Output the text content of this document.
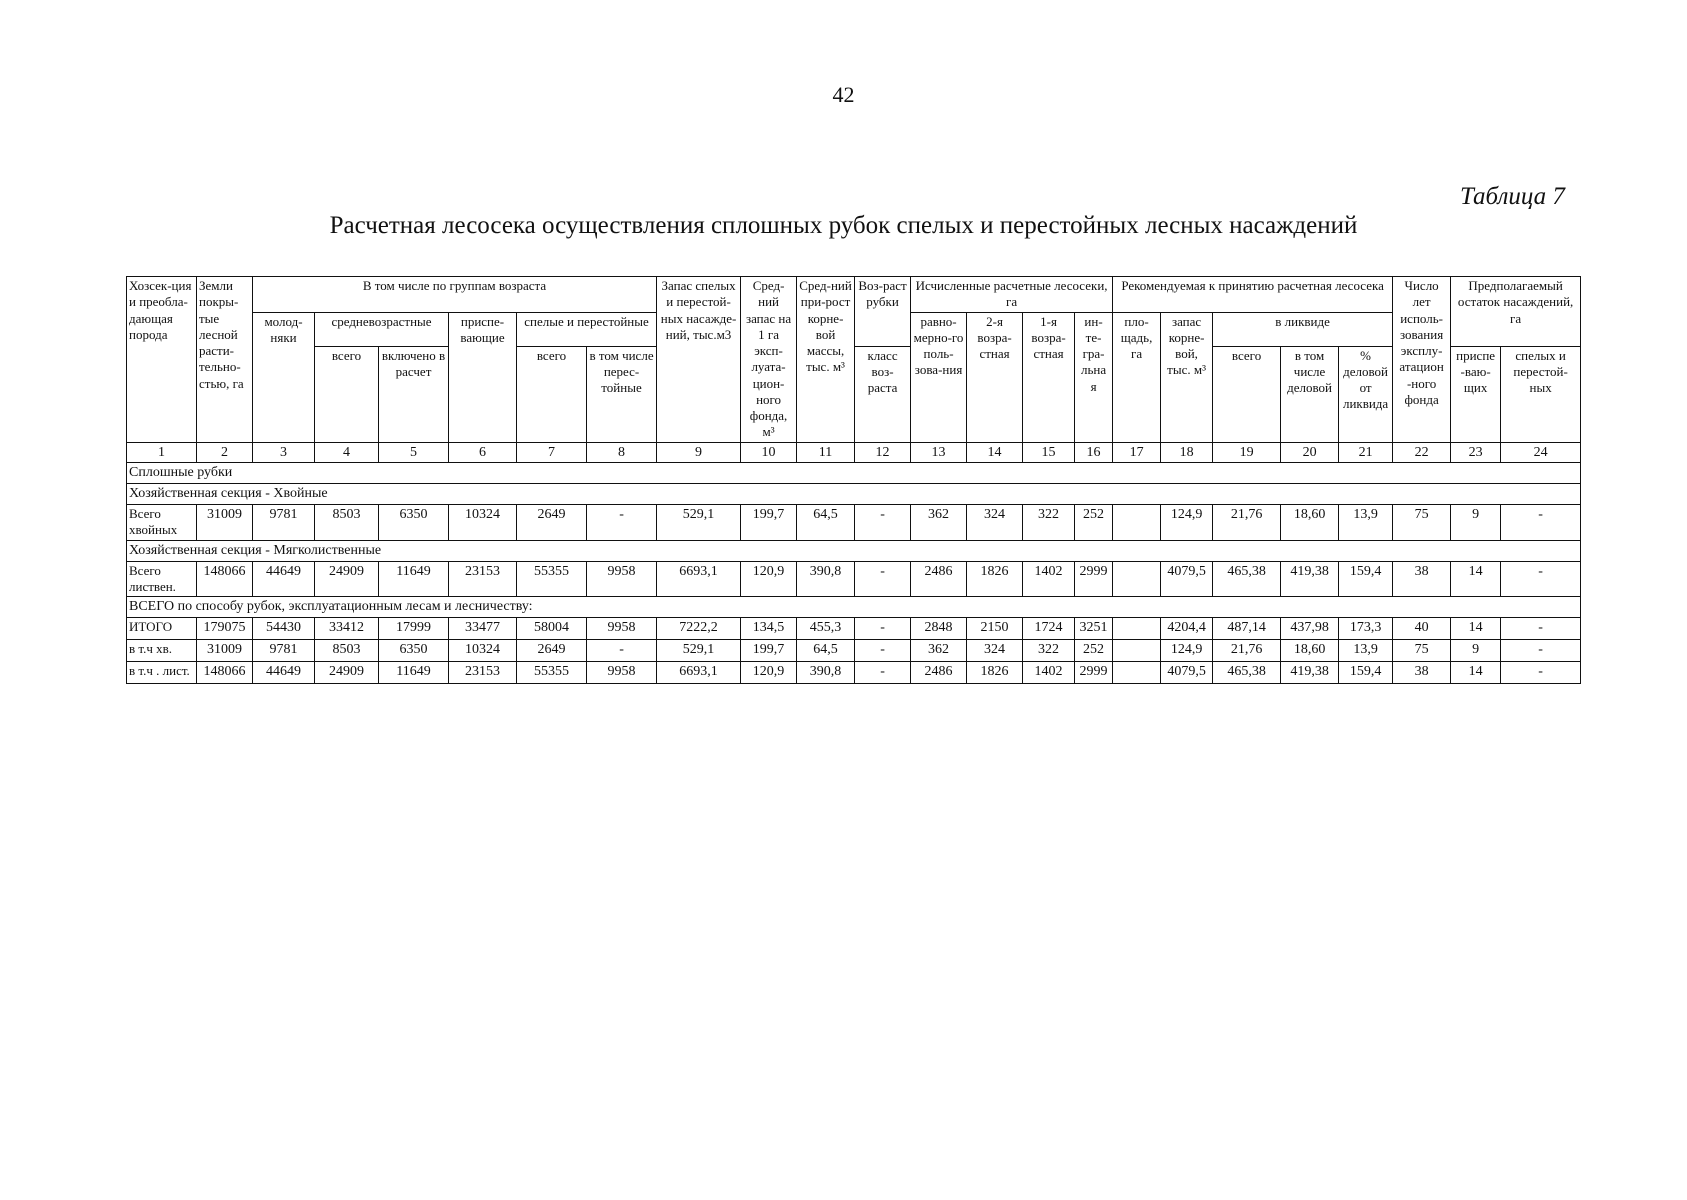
42
Таблица 7
Расчетная лесосека осуществления сплошных рубок спелых и перестойных лесных насаждений
Хозсек-ция и преобла-дающая порода	Земли покры-тые лесной расти-тельно-стью, га	В том числе по группам возраста						Запас спелых и перестой-ных насажде-ний, тыс.м3	Сред-ний запас на 1 га эксп-луата-цион-ного фонда, м³	Сред-ний при-рост корне-вой массы, тыс. м³	Воз-раст рубки	Исчисленные расчетные лесосеки, га				Рекомендуемая к принятию расчетная лесосека					Число лет исполь-зования эксплу-атацион -ного фонда	Предполагаемый остаток насаждений, га	
		молод-няки	средневозрастные		приспе-вающие	спелые и перестойные						равно-мерно-го поль-зова-ния	2-я возра-стная	1-я возра-стная	ин-те-гра-льна я	пло-щадь, га	запас корне-вой, тыс. м³	в ликвиде					
			всего	включено в расчет		всего	в том числе перес-тойные				класс воз-раста							всего	в том числе деловой	% деловой от ликвида		приспе -ваю-щих	спелых и перестой-ных
1	2	3	4	5	6	7	8	9	10	11	12	13	14	15	16	17	18	19	20	21	22	23	24
Сплошные рубки																							
Хозяйственная секция - Хвойные																							
Всего хвойных	31009	9781	8503	6350	10324	2649	-	529,1	199,7	64,5	-	362	324	322	252		124,9	21,76	18,60	13,9	75	9	-
Хозяйственная секция - Мягколиственные																							
Всего листвен.	148066	44649	24909	11649	23153	55355	9958	6693,1	120,9	390,8	-	2486	1826	1402	2999		4079,5	465,38	419,38	159,4	38	14	-
ВСЕГО по способу рубок, эксплуатационным лесам и лесничеству:																							
ИТОГО	179075	54430	33412	17999	33477	58004	9958	7222,2	134,5	455,3	-	2848	2150	1724	3251		4204,4	487,14	437,98	173,3	40	14	-
в т.ч хв.	31009	9781	8503	6350	10324	2649	-	529,1	199,7	64,5	-	362	324	322	252		124,9	21,76	18,60	13,9	75	9	-
в т.ч . лист.	148066	44649	24909	11649	23153	55355	9958	6693,1	120,9	390,8	-	2486	1826	1402	2999		4079,5	465,38	419,38	159,4	38	14	-
